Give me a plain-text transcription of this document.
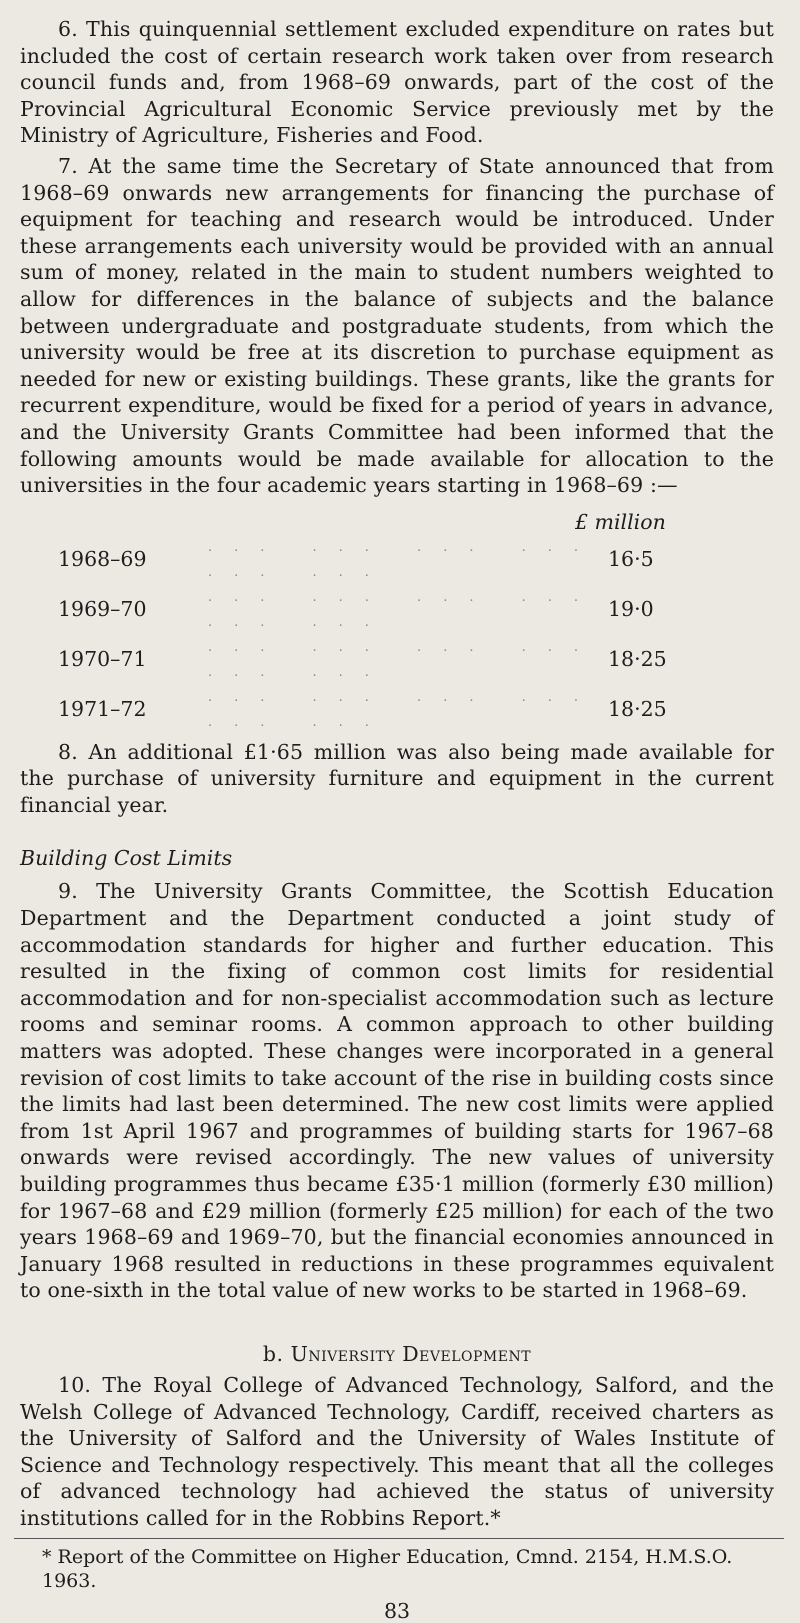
6. This quinquennial settlement excluded expenditure on rates but included the cost of certain research work taken over from research council funds and, from 1968–69 onwards, part of the cost of the Provincial Agricultural Economic Service previously met by the Ministry of Agriculture, Fisheries and Food.

7. At the same time the Secretary of State announced that from 1968–69 onwards new arrangements for financing the purchase of equipment for teaching and research would be introduced. Under these arrangements each university would be provided with an annual sum of money, related in the main to student numbers weighted to allow for differences in the balance of subjects and the balance between undergraduate and postgraduate students, from which the university would be free at its discretion to purchase equipment as needed for new or existing buildings. These grants, like the grants for recurrent expenditure, would be fixed for a period of years in advance, and the University Grants Committee had been informed that the following amounts would be made available for allocation to the universities in the four academic years starting in 1968–69 :—

£ million
1968–69	... ... ... ... ... ...	16·5
1969–70	... ... ... ... ... ...	19·0
1970–71	... ... ... ... ... ...	18·25
1971–72	... ... ... ... ... ...	18·25

8. An additional £1·65 million was also being made available for the purchase of university furniture and equipment in the current financial year.

Building Cost Limits

9. The University Grants Committee, the Scottish Education Department and the Department conducted a joint study of accommodation standards for higher and further education. This resulted in the fixing of common cost limits for residential accommodation and for non-specialist accommodation such as lecture rooms and seminar rooms. A common approach to other building matters was adopted. These changes were incorporated in a general revision of cost limits to take account of the rise in building costs since the limits had last been determined. The new cost limits were applied from 1st April 1967 and programmes of building starts for 1967–68 onwards were revised accordingly. The new values of university building programmes thus became £35·1 million (formerly £30 million) for 1967–68 and £29 million (formerly £25 million) for each of the two years 1968–69 and 1969–70, but the financial economies announced in January 1968 resulted in reductions in these programmes equivalent to one-sixth in the total value of new works to be started in 1968–69.

b. University Development

10. The Royal College of Advanced Technology, Salford, and the Welsh College of Advanced Technology, Cardiff, received charters as the University of Salford and the University of Wales Institute of Science and Technology respectively. This meant that all the colleges of advanced technology had achieved the status of university institutions called for in the Robbins Report.*

* Report of the Committee on Higher Education, Cmnd. 2154, H.M.S.O. 1963.

83
